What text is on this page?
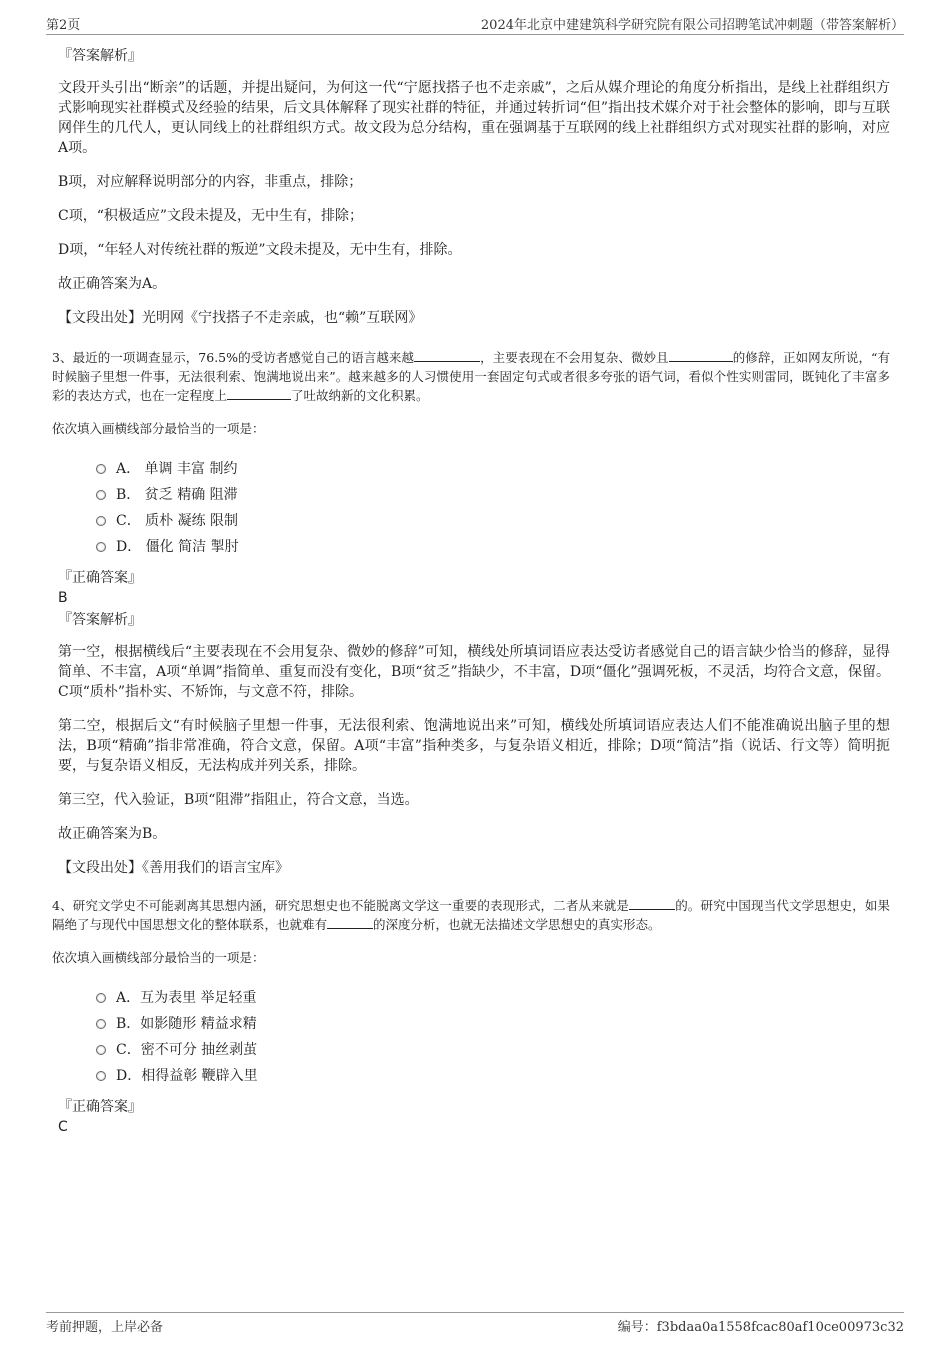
第2页	2024年北京中建建筑科学研究院有限公司招聘笔试冲刺题（带答案解析）

『答案解析』

文段开头引出“断亲”的话题，并提出疑问，为何这一代“宁愿找搭子也不走亲戚”，之后从媒介理论的角度分析指出，是线上社群组织方式影响现实社群模式及经验的结果，后文具体解释了现实社群的特征，并通过转折词“但”指出技术媒介对于社会整体的影响，即与互联网伴生的几代人，更认同线上的社群组织方式。故文段为总分结构，重在强调基于互联网的线上社群组织方式对现实社群的影响，对应A项。

B项，对应解释说明部分的内容，非重点，排除；

C项，“积极适应”文段未提及，无中生有，排除；

D项，“年轻人对传统社群的叛逆”文段未提及，无中生有，排除。

故正确答案为A。

【文段出处】光明网《宁找搭子不走亲戚，也“赖”互联网》

3、最近的一项调查显示，76.5%的受访者感觉自己的语言越来越	，主要表现在不会用复杂、微妙且	的修辞，正如网友所说，“有时候脑子里想一件事，无法很利索、饱满地说出来”。越来越多的人习惯使用一套固定句式或者很多夸张的语气词，看似个性实则雷同，既钝化了丰富多彩的表达方式，也在一定程度上	了吐故纳新的文化积累。

依次填入画横线部分最恰当的一项是：

A． 单调 丰富 制约
B． 贫乏 精确 阻滞
C． 质朴 凝练 限制
D． 僵化 简洁 掣肘

『正确答案』

B

『答案解析』

第一空，根据横线后“主要表现在不会用复杂、微妙的修辞”可知，横线处所填词语应表达受访者感觉自己的语言缺少恰当的修辞，显得简单、不丰富，A项“单调”指简单、重复而没有变化，B项“贫乏”指缺少，不丰富，D项“僵化”强调死板，不灵活，均符合文意，保留。C项“质朴”指朴实、不矫饰，与文意不符，排除。

第二空，根据后文“有时候脑子里想一件事，无法很利索、饱满地说出来”可知，横线处所填词语应表达人们不能准确说出脑子里的想法，B项“精确”指非常准确，符合文意，保留。A项“丰富”指种类多，与复杂语义相近，排除；D项“简洁”指（说话、行文等）简明扼要，与复杂语义相反，无法构成并列关系，排除。

第三空，代入验证，B项“阻滞”指阻止，符合文意，当选。

故正确答案为B。

【文段出处】《善用我们的语言宝库》

4、研究文学史不可能剥离其思想内涵，研究思想史也不能脱离文学这一重要的表现形式，二者从来就是	的。研究中国现当代文学思想史，如果隔绝了与现代中国思想文化的整体联系，也就难有	的深度分析，也就无法描述文学思想史的真实形态。

依次填入画横线部分最恰当的一项是：

A．互为表里 举足轻重
B．如影随形 精益求精
C．密不可分 抽丝剥茧
D．相得益彰 鞭辟入里

『正确答案』

C

考前押题，上岸必备	编号：f3bdaa0a1558fcac80af10ce00973c32
